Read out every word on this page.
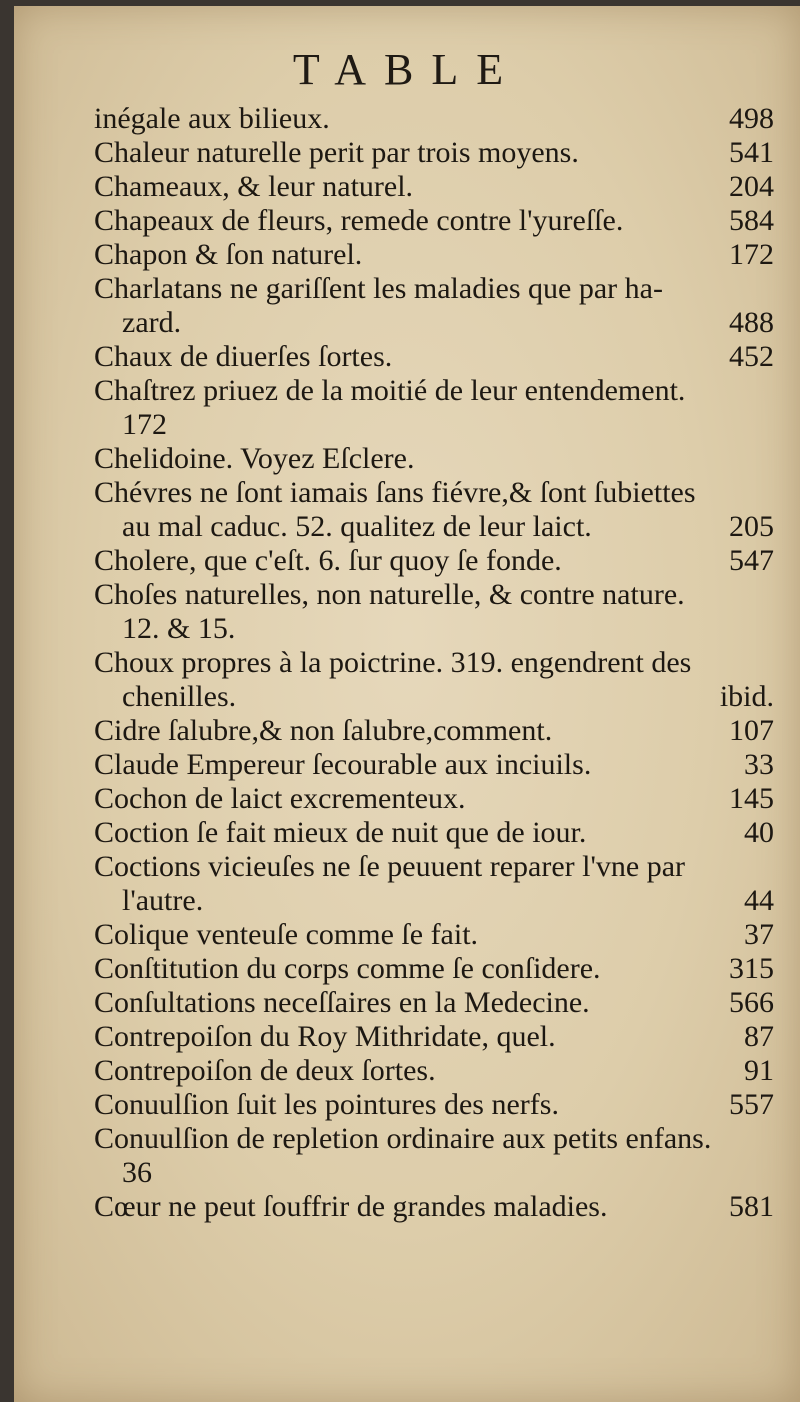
TABLE
inégale aux bilieux.	498
Chaleur naturelle perit par trois moyens.	541
Chameaux, & leur naturel.	204
Chapeaux de fleurs, remede contre l'yureſſe.	584
Chapon & ſon naturel.	172
Charlatans ne gariſſent les maladies que par ha-
zard.	488
Chaux de diuerſes ſortes.	452
Chaſtrez priuez de la moitié de leur entendement.
172
Chelidoine. Voyez Eſclere.
Chévres ne ſont iamais ſans fiévre,& ſont ſubiettes
au mal caduc. 52. qualitez de leur laict.	205
Cholere, que c'eſt. 6. ſur quoy ſe fonde.	547
Choſes naturelles, non naturelle, & contre nature.
12. & 15.
Choux propres à la poictrine. 319. engendrent des
chenilles.	ibid.
Cidre ſalubre,& non ſalubre,comment.	107
Claude Empereur ſecourable aux inciuils.	33
Cochon de laict excrementeux.	145
Coction ſe fait mieux de nuit que de iour.	40
Coctions vicieuſes ne ſe peuuent reparer l'vne par
l'autre.	44
Colique venteuſe comme ſe fait.	37
Conſtitution du corps comme ſe conſidere.	315
Conſultations neceſſaires en la Medecine.	566
Contrepoiſon du Roy Mithridate, quel.	87
Contrepoiſon de deux ſortes.	91
Conuulſion ſuit les pointures des nerfs.	557
Conuulſion de repletion ordinaire aux petits enfans.
36
Cœur ne peut ſouffrir de grandes maladies.	581
